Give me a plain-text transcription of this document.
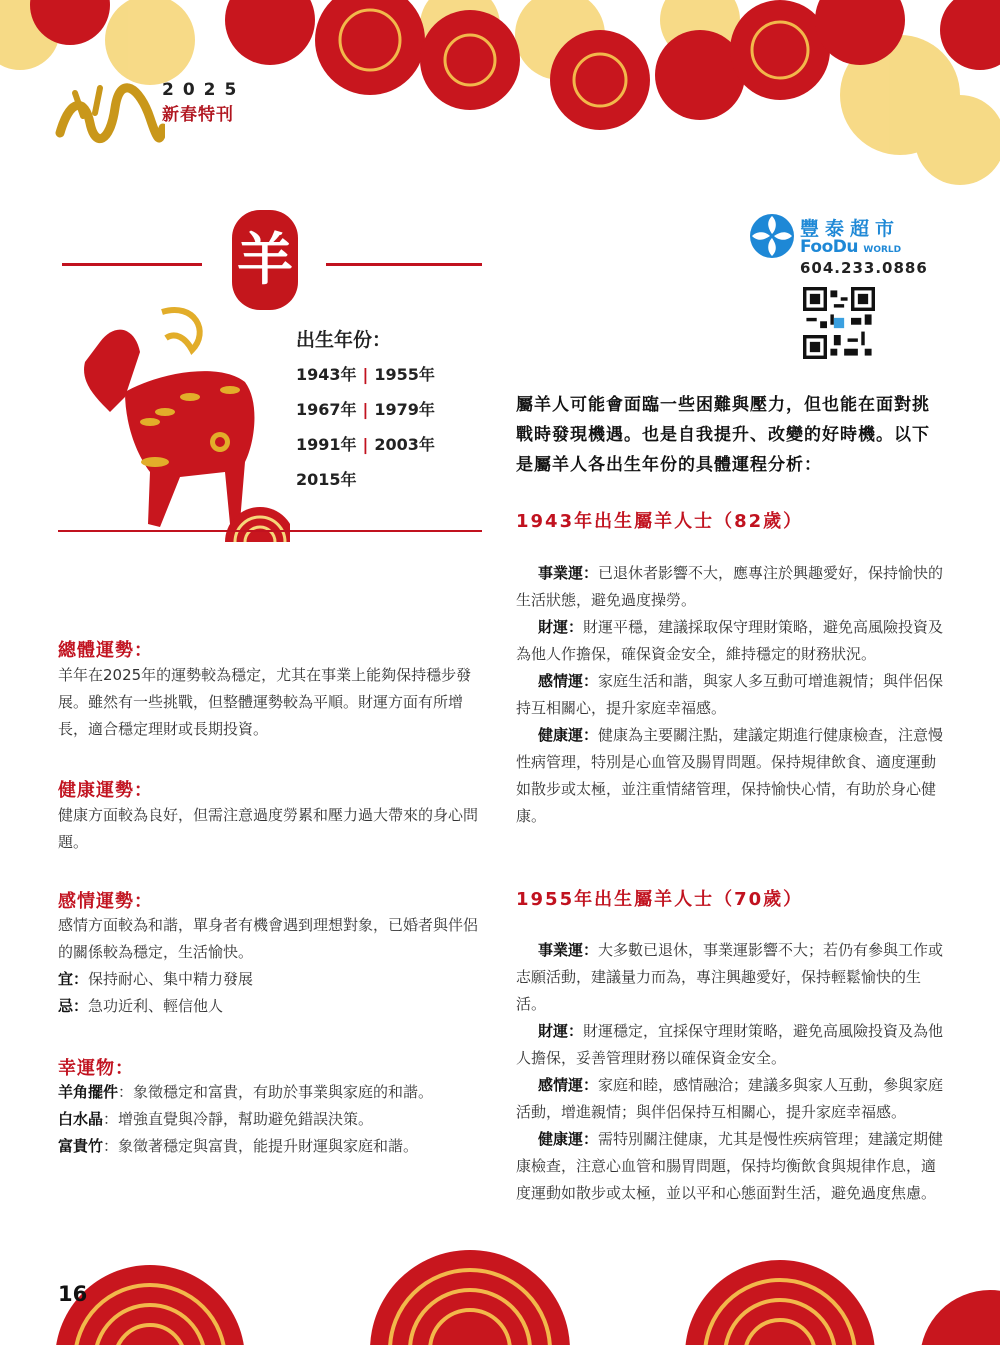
2025
新春特刊
羊
出生年份：
1943年 | 1955年
1967年 | 1979年
1991年 | 2003年
2015年
總體運勢：
羊年在2025年的運勢較為穩定，尤其在事業上能夠保持穩步發展。雖然有一些挑戰，但整體運勢較為平順。財運方面有所增長，適合穩定理財或長期投資。
健康運勢：
健康方面較為良好，但需注意過度勞累和壓力過大帶來的身心問題。
感情運勢：
感情方面較為和諧，單身者有機會遇到理想對象，已婚者與伴侶的關係較為穩定，生活愉快。
宜：保持耐心、集中精力發展
忌：急功近利、輕信他人
幸運物：
羊角擺件：象徵穩定和富貴，有助於事業與家庭的和諧。
白水晶：增強直覺與冷靜，幫助避免錯誤決策。
富貴竹：象徵著穩定與富貴，能提升財運與家庭和諧。
豐泰超市
FooDu WORLD
604.233.0886
屬羊人可能會面臨一些困難與壓力，但也能在面對挑戰時發現機遇。也是自我提升、改變的好時機。以下是屬羊人各出生年份的具體運程分析：
1943年出生屬羊人士（82歲）
事業運：已退休者影響不大，應專注於興趣愛好，保持愉快的生活狀態，避免過度操勞。
財運：財運平穩，建議採取保守理財策略，避免高風險投資及為他人作擔保，確保資金安全，維持穩定的財務狀況。
感情運：家庭生活和諧，與家人多互動可增進親情；與伴侶保持互相關心，提升家庭幸福感。
健康運：健康為主要關注點，建議定期進行健康檢查，注意慢性病管理，特別是心血管及腸胃問題。保持規律飲食、適度運動如散步或太極，並注重情緒管理，保持愉快心情，有助於身心健康。
1955年出生屬羊人士（70歲）
事業運：大多數已退休，事業運影響不大；若仍有參與工作或志願活動，建議量力而為，專注興趣愛好，保持輕鬆愉快的生活。
財運：財運穩定，宜採保守理財策略，避免高風險投資及為他人擔保，妥善管理財務以確保資金安全。
感情運：家庭和睦，感情融洽；建議多與家人互動，參與家庭活動，增進親情；與伴侶保持互相關心，提升家庭幸福感。
健康運：需特別關注健康，尤其是慢性疾病管理；建議定期健康檢查，注意心血管和腸胃問題，保持均衡飲食與規律作息，適度運動如散步或太極，並以平和心態面對生活，避免過度焦慮。
16
